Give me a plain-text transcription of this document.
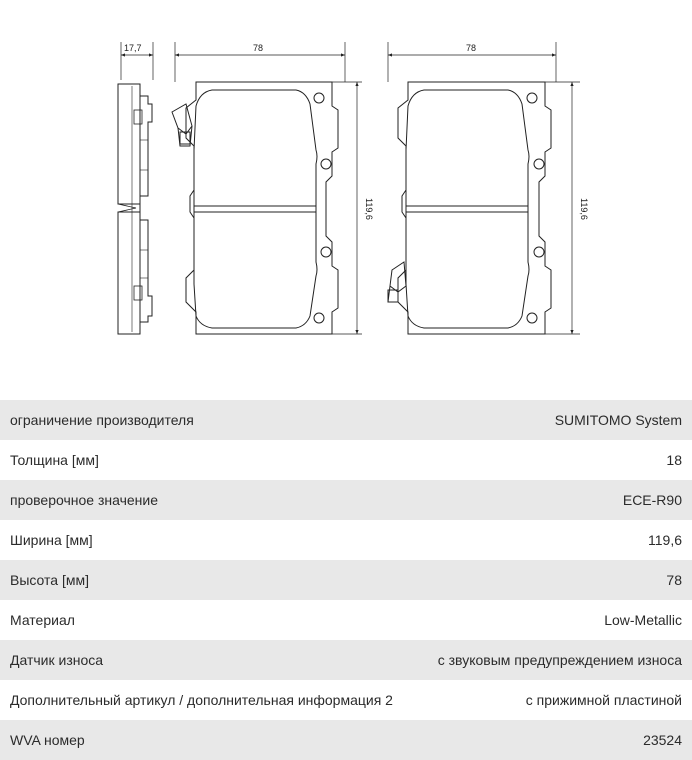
17,7	78
119,6
78
119,6
ограничение производителя	SUMITOMO System
Толщина [мм]	18
проверочное значение	ECE-R90
Ширина [мм]	119,6
Высота [мм]	78
Материал	Low-Metallic
Датчик износа	с звуковым предупреждением износа
Дополнительный артикул / дополнительная информация 2	с прижимной пластиной
WVA номер	23524
